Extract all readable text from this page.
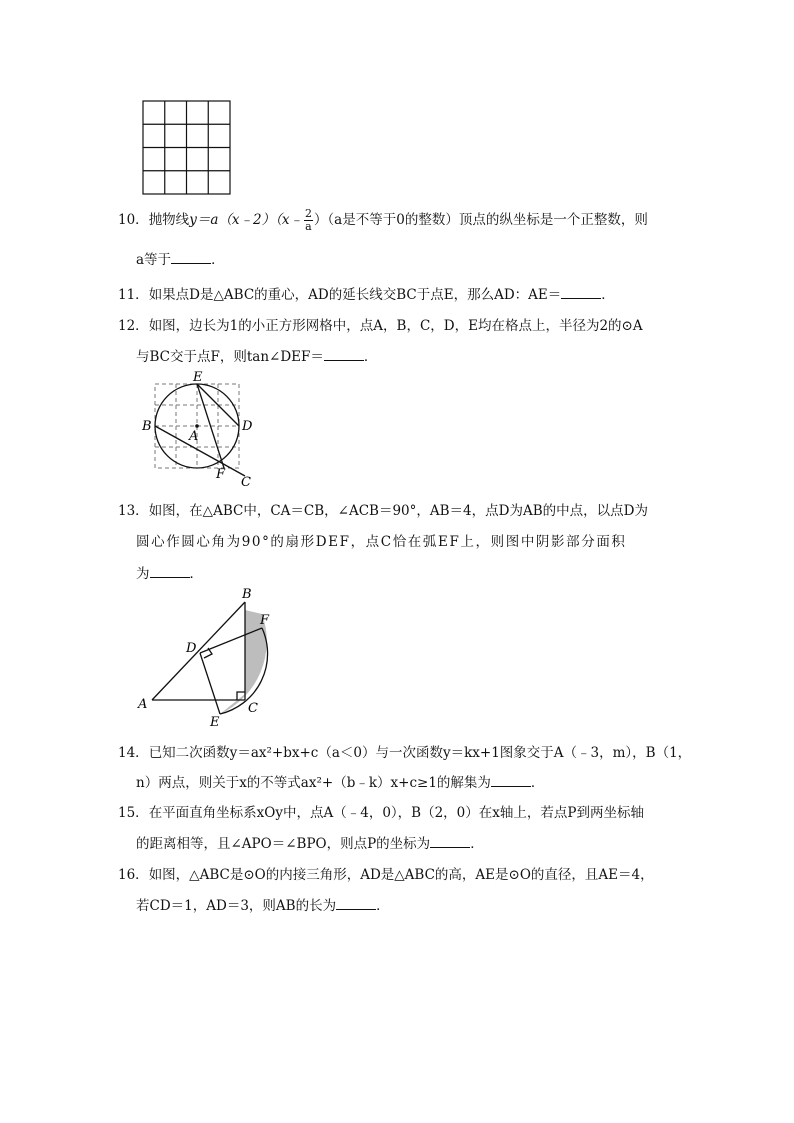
10．抛物线y＝a（x﹣2）（x﹣ $\frac{2}{a} )(a$是不等于0的整数）顶点的纵坐标是一个正整数，则
a等于	．
11．如果点D是△ABC的重心，AD的延长线交BC于点E，那么AD：AE＝	．
12．如图，边长为1的小正方形网格中，点A，B，C，D，E均在格点上，半径为2的⊙A
与BC交于点F，则tan∠DEF＝	．
E
B
A
D
F
C
13．如图，在△ABC中，CA＝CB，∠ACB＝90°，AB＝4，点D为AB的中点，以点D为
圆心作圆心角为90°的扇形DEF，点C恰在弧EF上，则图中阴影部分面积
为	．
B
F
D
A
E
C
14．已知二次函数y＝ax²+bx+c（a＜0）与一次函数y＝kx+1图象交于A（﹣3，m），B（1，
n）两点，则关于x的不等式ax²+（b﹣k）x+c≥1的解集为	．
15．在平面直角坐标系xOy中，点A（﹣4，0），B（2，0）在x轴上，若点P到两坐标轴
的距离相等，且∠APO＝∠BPO，则点P的坐标为	．
16．如图，△ABC是⊙O的内接三角形，AD是△ABC的高，AE是⊙O的直径，且AE＝4，
若CD＝1，AD＝3，则AB的长为	．
